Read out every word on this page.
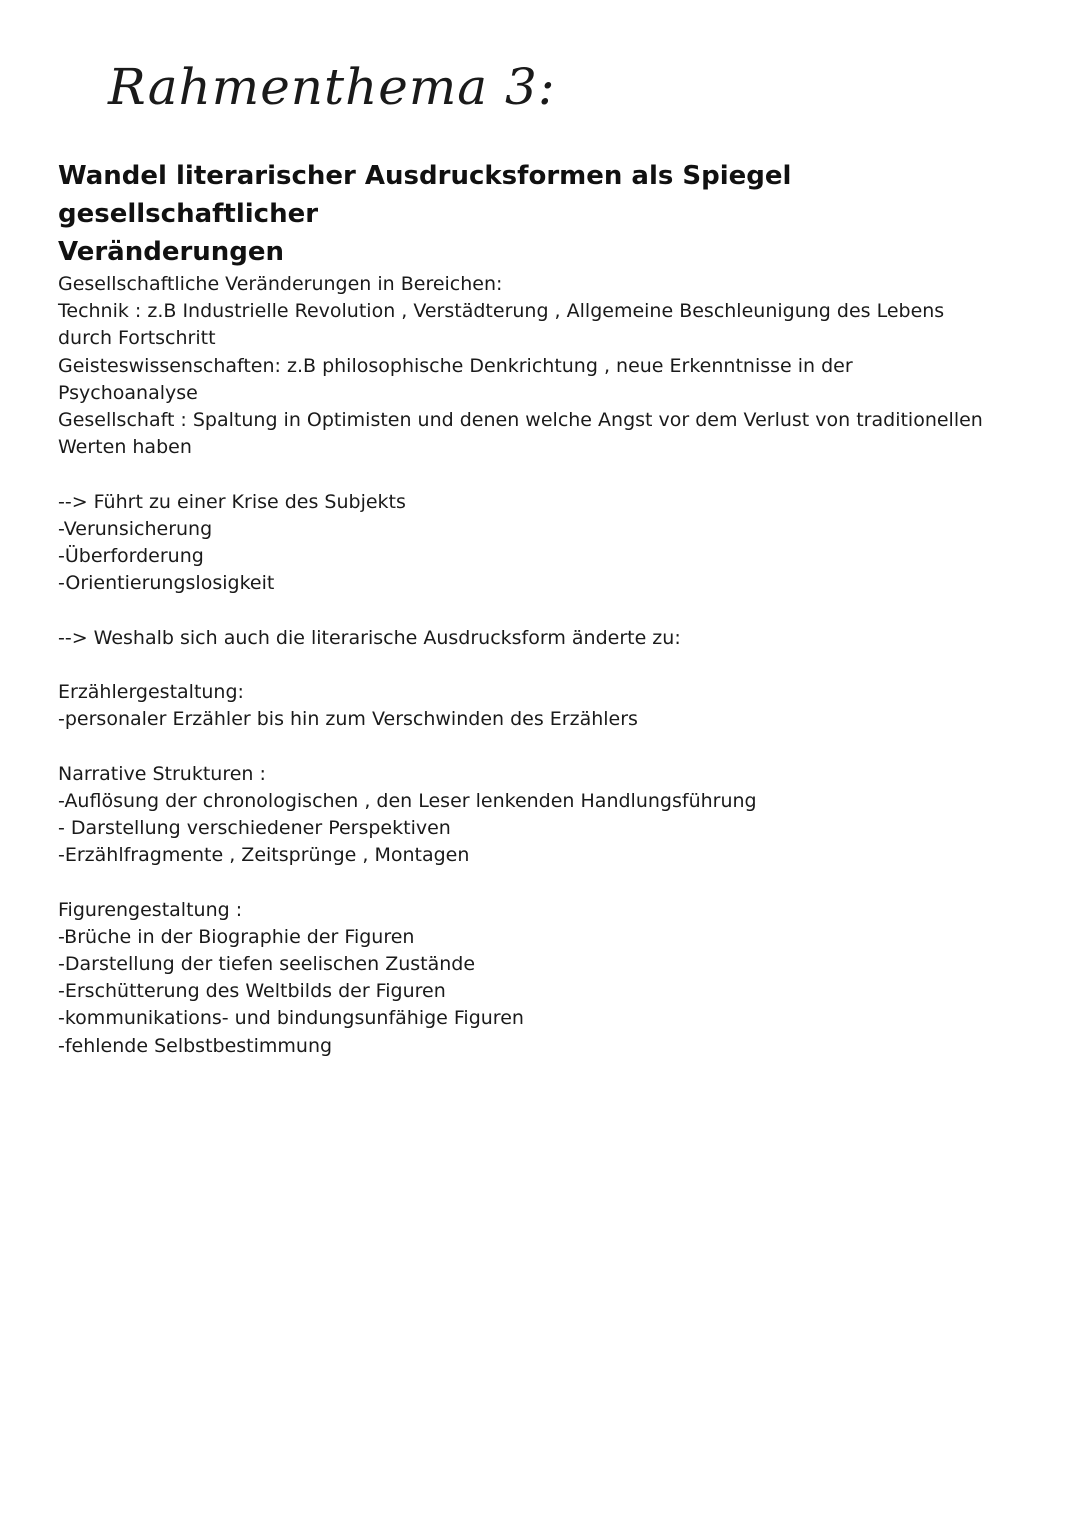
Rahmenthema 3:
Wandel literarischer Ausdrucksformen als Spiegel gesellschaftlicher
Veränderungen
Gesellschaftliche Veränderungen in Bereichen:
Technik : z.B Industrielle Revolution , Verstädterung , Allgemeine Beschleunigung des Lebens
durch Fortschritt
Geisteswissenschaften: z.B philosophische Denkrichtung , neue Erkenntnisse in der
Psychoanalyse
Gesellschaft : Spaltung in Optimisten und denen welche Angst vor dem Verlust von traditionellen
Werten haben
--> Führt zu einer Krise des Subjekts
-Verunsicherung
-Überforderung
-Orientierungslosigkeit
--> Weshalb sich auch die literarische Ausdrucksform änderte zu:
Erzählergestaltung:
-personaler Erzähler bis hin zum Verschwinden des Erzählers
Narrative Strukturen :
-Auflösung der chronologischen , den Leser lenkenden Handlungsführung
- Darstellung verschiedener Perspektiven
-Erzählfragmente , Zeitsprünge , Montagen
Figurengestaltung :
-Brüche in der Biographie der Figuren
-Darstellung der tiefen seelischen Zustände
-Erschütterung des Weltbilds der Figuren
-kommunikations- und bindungsunfähige Figuren
-fehlende Selbstbestimmung
